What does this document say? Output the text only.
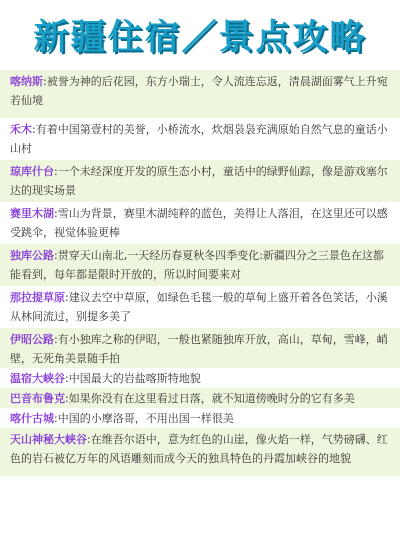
新疆住宿／景点攻略
喀纳斯:被誉为神的后花园，东方小瑞士，令人流连忘返，清晨湖面雾气上升宛若仙境
禾木:有着中国第壹村的美誉，小桥流水，炊烟袅袅充满原始自然气息的童话小山村
琼库什台:一个未经深度开发的原生态小村，童话中的绿野仙踪，像是游戏塞尔达的现实场景
赛里木湖:雪山为背景，赛里木湖纯粹的蓝色，美得让人落泪，在这里还可以感受跳伞，视觉体验更棒
独库公路:贯穿天山南北,一天经历春夏秋冬四季变化:新疆四分之三景色在这都能看到，每年都是限时开放的，所以时间要来对
那拉提草原:建议去空中草原，如绿色毛毯一般的草甸上盛开着各色笑话，小溪从林间流过，别提多美了
伊昭公路:有小独库之称的伊昭，一般也紧随独库开放，高山，草甸，雪峰，峭壁，无死角美景随手拍
温宿大峡谷:中国最大的岩盐喀斯特地貌
巴音布鲁克:如果你没有在这里看过日落，就不知道傍晚时分的它有多美
喀什古城:中国的小摩洛哥，不用出国一样很美
天山神秘大峡谷:在维吾尔语中，意为红色的山崖，像火焰一样，气势磅礴、红色的岩石被亿万年的风语雕刻而成今天的独具特色的丹霞加峡谷的地貌
